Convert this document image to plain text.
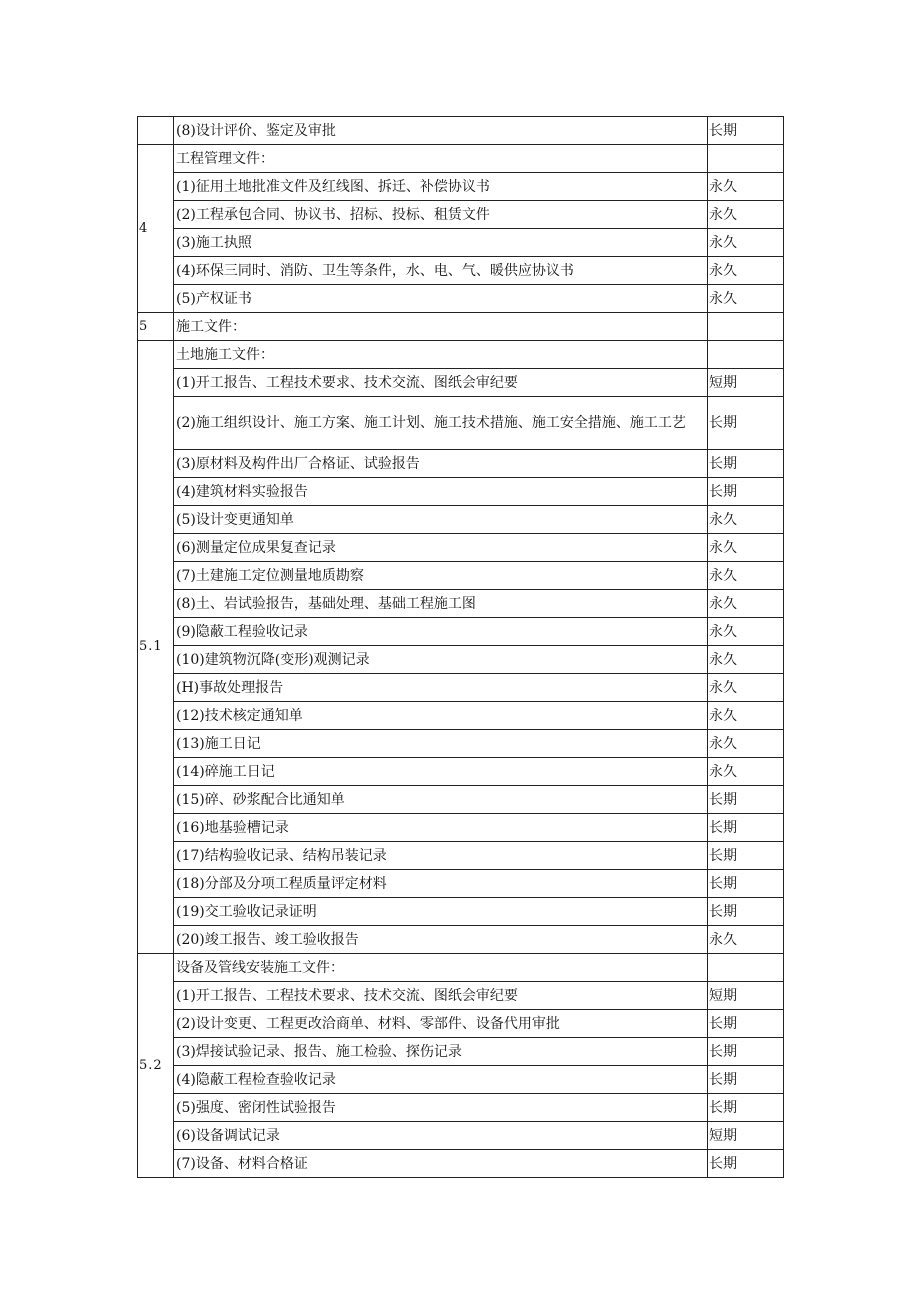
	(8)设计评价、鉴定及审批	长期
4	工程管理文件：	
	(1)征用土地批准文件及红线图、拆迁、补偿协议书	永久
	(2)工程承包合同、协议书、招标、投标、租赁文件	永久
	(3)施工执照	永久
	(4)环保三同时、消防、卫生等条件，水、电、气、暖供应协议书	永久
	(5)产权证书	永久
5	施工文件：	
5.1	土地施工文件：	
	(1)开工报告、工程技术要求、技术交流、图纸会审纪要	短期
	(2)施工组织设计、施工方案、施工计划、施工技术措施、施工安全措施、施工工艺	长期
	(3)原材料及构件出厂合格证、试验报告	长期
	(4)建筑材料实验报告	长期
	(5)设计变更通知单	永久
	(6)测量定位成果复查记录	永久
	(7)土建施工定位测量地质勘察	永久
	(8)土、岩试验报告，基础处理、基础工程施工图	永久
	(9)隐蔽工程验收记录	永久
	(10)建筑物沉降(变形)观测记录	永久
	(H)事故处理报告	永久
	(12)技术核定通知单	永久
	(13)施工日记	永久
	(14)碎施工日记	永久
	(15)碎、砂浆配合比通知单	长期
	(16)地基验槽记录	长期
	(17)结构验收记录、结构吊装记录	长期
	(18)分部及分项工程质量评定材料	长期
	(19)交工验收记录证明	长期
	(20)竣工报告、竣工验收报告	永久
5.2	设备及管线安装施工文件：	
	(1)开工报告、工程技术要求、技术交流、图纸会审纪要	短期
	(2)设计变更、工程更改洽商单、材料、零部件、设备代用审批	长期
	(3)焊接试验记录、报告、施工检验、探伤记录	长期
	(4)隐蔽工程检查验收记录	长期
	(5)强度、密闭性试验报告	长期
	(6)设备调试记录	短期
	(7)设备、材料合格证	长期
